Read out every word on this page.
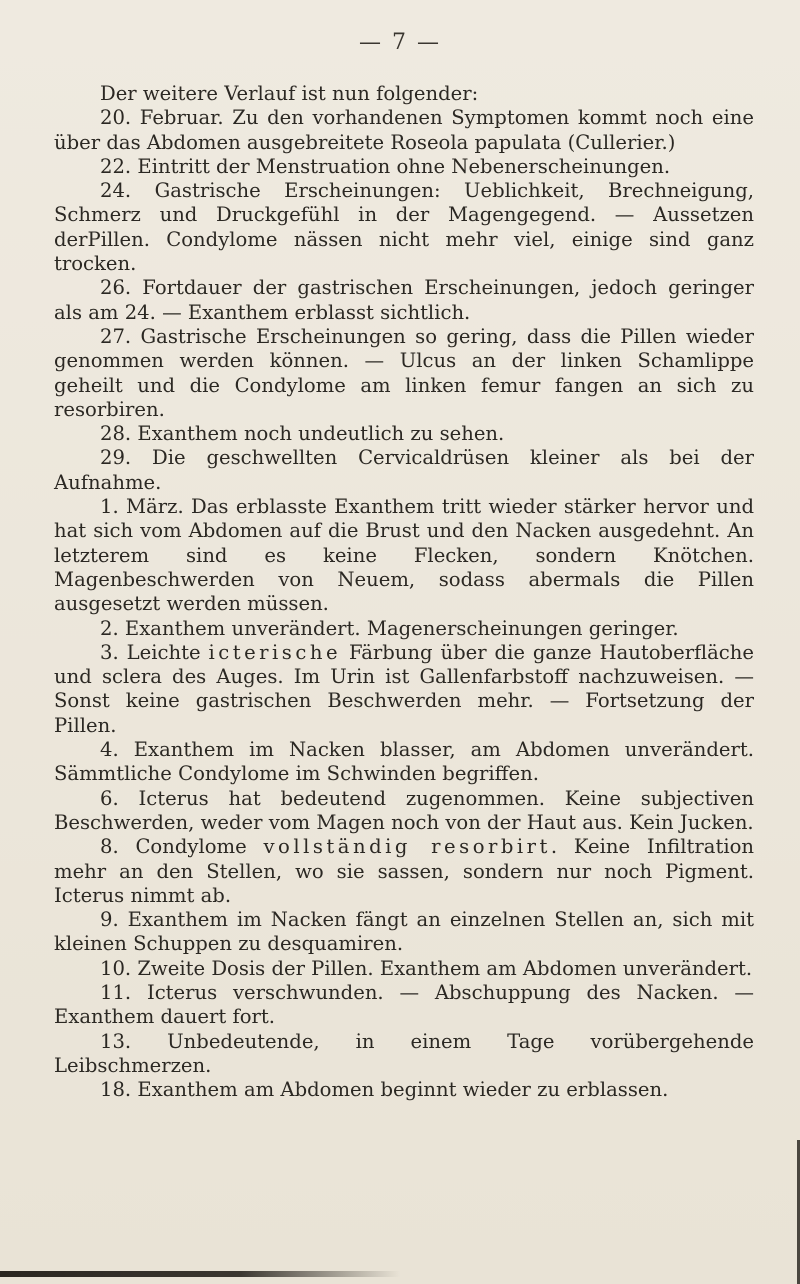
— 7 —

Der weitere Verlauf ist nun folgender:

20. Februar. Zu den vorhandenen Symptomen kommt noch eine über das Abdomen ausgebreitete Roseola papulata (Cullerier.)

22. Eintritt der Menstruation ohne Nebenerscheinungen.

24. Gastrische Erscheinungen: Ueblichkeit, Brechneigung, Schmerz und Druckgefühl in der Magengegend. — Aussetzen derPillen. Condylome nässen nicht mehr viel, einige sind ganz trocken.

26. Fortdauer der gastrischen Erscheinungen, jedoch geringer als am 24. — Exanthem erblasst sichtlich.

27. Gastrische Erscheinungen so gering, dass die Pillen wieder genommen werden können. — Ulcus an der linken Schamlippe geheilt und die Condylome am linken femur fangen an sich zu resorbiren.

28. Exanthem noch undeutlich zu sehen.

29. Die geschwellten Cervicaldrüsen kleiner als bei der Aufnahme.

1. März. Das erblasste Exanthem tritt wieder stärker hervor und hat sich vom Abdomen auf die Brust und den Nacken ausgedehnt. An letzterem sind es keine Flecken, sondern Knötchen. Magenbeschwerden von Neuem, sodass abermals die Pillen ausgesetzt werden müssen.

2. Exanthem unverändert. Magenerscheinungen geringer.

3. Leichte icterische Färbung über die ganze Hautoberfläche und sclera des Auges. Im Urin ist Gallenfarbstoff nachzuweisen. — Sonst keine gastrischen Beschwerden mehr. — Fortsetzung der Pillen.

4. Exanthem im Nacken blasser, am Abdomen unverändert. Sämmtliche Condylome im Schwinden begriffen.

6. Icterus hat bedeutend zugenommen. Keine subjectiven Beschwerden, weder vom Magen noch von der Haut aus. Kein Jucken.

8. Condylome vollständig resorbirt. Keine Infiltration mehr an den Stellen, wo sie sassen, sondern nur noch Pigment. Icterus nimmt ab.

9. Exanthem im Nacken fängt an einzelnen Stellen an, sich mit kleinen Schuppen zu desquamiren.

10. Zweite Dosis der Pillen. Exanthem am Abdomen unverändert.

11. Icterus verschwunden. — Abschuppung des Nacken. — Exanthem dauert fort.

13. Unbedeutende, in einem Tage vorübergehende Leibschmerzen.

18. Exanthem am Abdomen beginnt wieder zu erblassen.
